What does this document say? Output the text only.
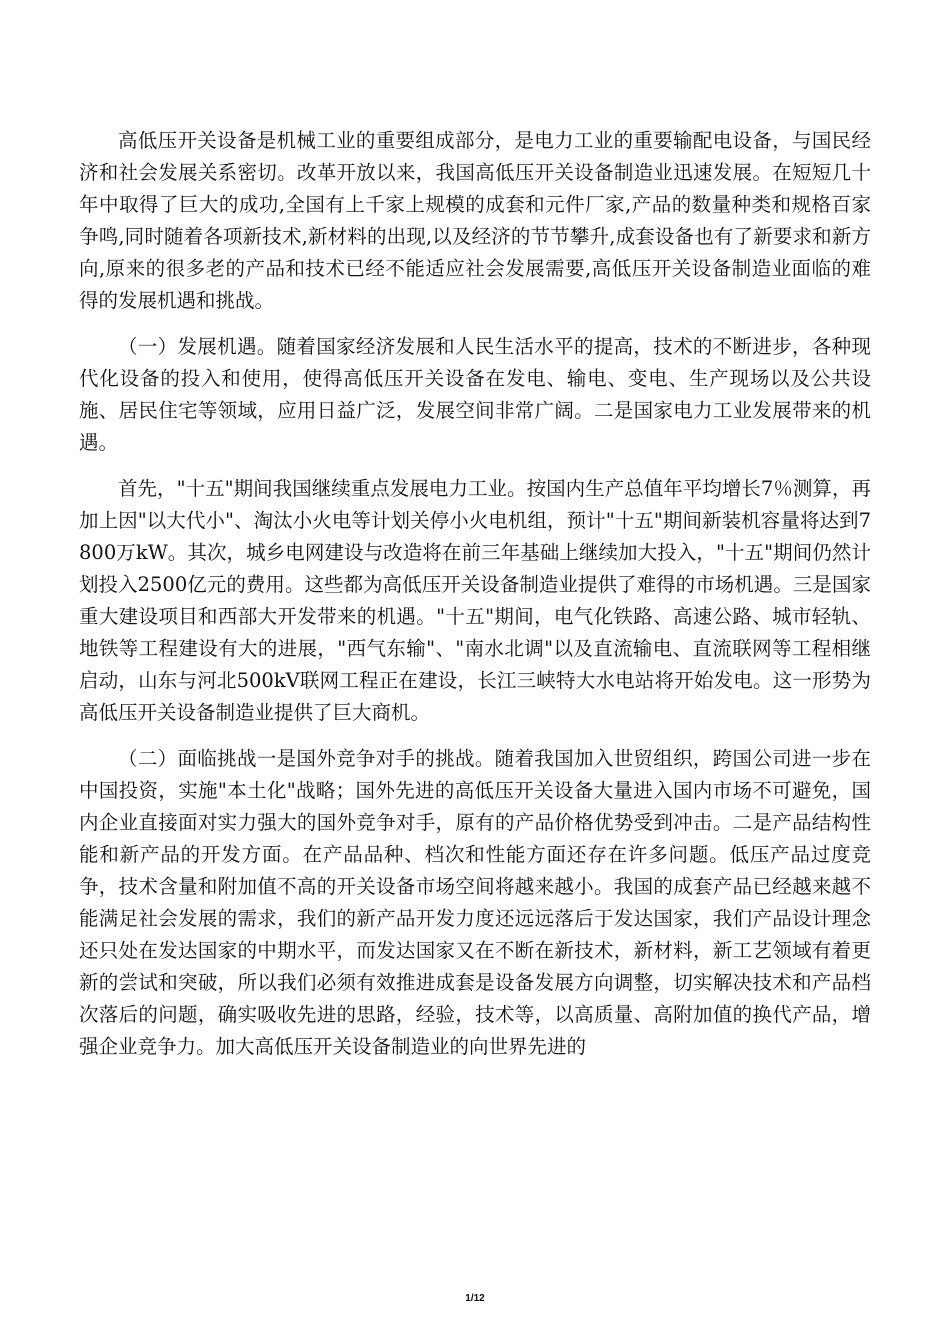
高低压开关设备是机械工业的重要组成部分，是电力工业的重要输配电设备，与国民经济和社会发展关系密切。改革开放以来，我国高低压开关设备制造业迅速发展。在短短几十年中取得了巨大的成功,全国有上千家上规模的成套和元件厂家,产品的数量种类和规格百家争鸣,同时随着各项新技术,新材料的出现,以及经济的节节攀升,成套设备也有了新要求和新方向,原来的很多老的产品和技术已经不能适应社会发展需要,高低压开关设备制造业面临的难得的发展机遇和挑战。

（一）发展机遇。随着国家经济发展和人民生活水平的提高，技术的不断进步，各种现代化设备的投入和使用，使得高低压开关设备在发电、输电、变电、生产现场以及公共设施、居民住宅等领域，应用日益广泛，发展空间非常广阔。二是国家电力工业发展带来的机遇。

首先，"十五"期间我国继续重点发展电力工业。按国内生产总值年平均增长7％测算，再加上因"以大代小"、淘汰小火电等计划关停小火电机组，预计"十五"期间新装机容量将达到7800万kW。其次，城乡电网建设与改造将在前三年基础上继续加大投入，"十五"期间仍然计划投入2500亿元的费用。这些都为高低压开关设备制造业提供了难得的市场机遇。三是国家重大建设项目和西部大开发带来的机遇。"十五"期间，电气化铁路、高速公路、城市轻轨、地铁等工程建设有大的进展，"西气东输"、"南水北调"以及直流输电、直流联网等工程相继启动，山东与河北500kV联网工程正在建设，长江三峡特大水电站将开始发电。这一形势为高低压开关设备制造业提供了巨大商机。

（二）面临挑战一是国外竞争对手的挑战。随着我国加入世贸组织，跨国公司进一步在中国投资，实施"本土化"战略；国外先进的高低压开关设备大量进入国内市场不可避免，国内企业直接面对实力强大的国外竞争对手，原有的产品价格优势受到冲击。二是产品结构性能和新产品的开发方面。在产品品种、档次和性能方面还存在许多问题。低压产品过度竞争，技术含量和附加值不高的开关设备市场空间将越来越小。我国的成套产品已经越来越不能满足社会发展的需求，我们的新产品开发力度还远远落后于发达国家，我们产品设计理念还只处在发达国家的中期水平，而发达国家又在不断在新技术，新材料，新工艺领域有着更新的尝试和突破，所以我们必须有效推进成套是设备发展方向调整，切实解决技术和产品档次落后的问题，确实吸收先进的思路，经验，技术等，以高质量、高附加值的换代产品，增强企业竞争力。加大高低压开关设备制造业的向世界先进的

1/12
